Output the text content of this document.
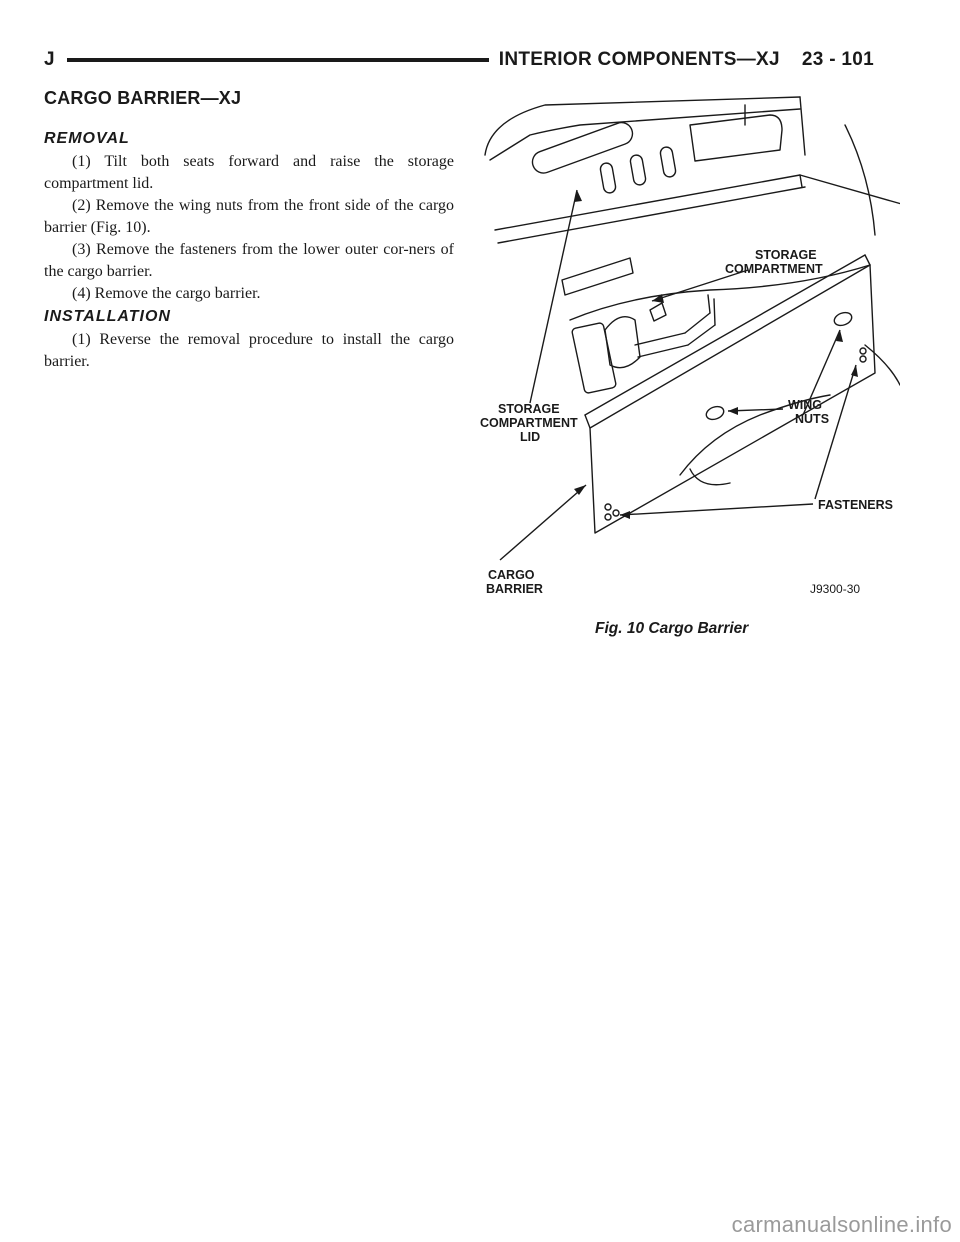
J	INTERIOR COMPONENTS—XJ 23 - 101
CARGO BARRIER—XJ
REMOVAL

(1) Tilt both seats forward and raise the storage compartment lid.

(2) Remove the wing nuts from the front side of the cargo barrier (Fig. 10).

(3) Remove the fasteners from the lower outer cor-ners of the cargo barrier.

(4) Remove the cargo barrier.

INSTALLATION

(1) Reverse the removal procedure to install the cargo barrier.

STORAGE
COMPARTMENT
STORAGE
COMPARTMENT
LID
WING
NUTS
FASTENERS
CARGO
BARRIER	J9300-30
Fig. 10 Cargo Barrier
carmanualsonline.info
